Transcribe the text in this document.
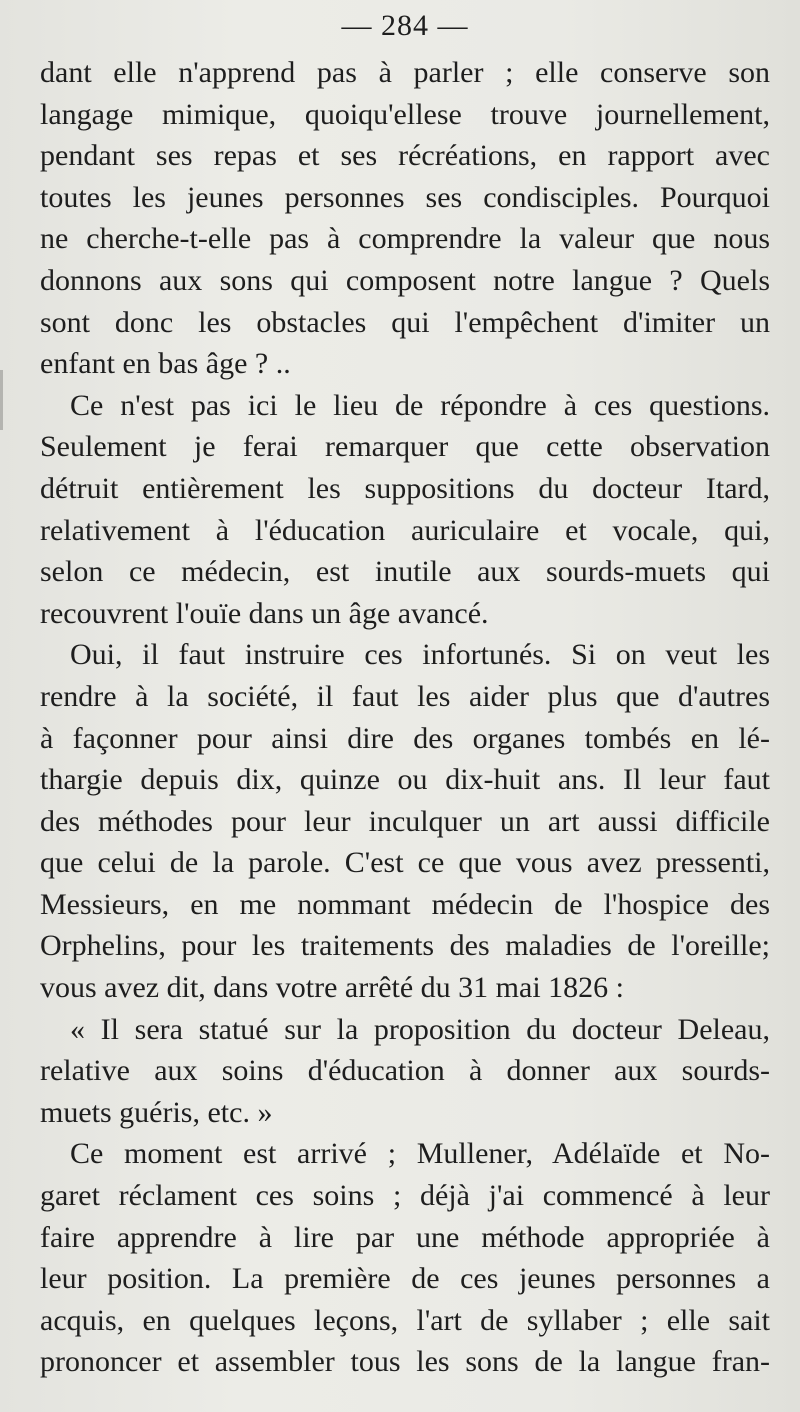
— 284 —
dant elle n'apprend pas à parler ; elle conserve son
langage mimique, quoiqu'ellese trouve journellement,
pendant ses repas et ses récréations, en rapport avec
toutes les jeunes personnes ses condisciples. Pourquoi
ne cherche-t-elle pas à comprendre la valeur que nous
donnons aux sons qui composent notre langue ? Quels
sont donc les obstacles qui l'empêchent d'imiter un
enfant en bas âge ? ..
Ce n'est pas ici le lieu de répondre à ces questions.
Seulement je ferai remarquer que cette observation
détruit entièrement les suppositions du docteur Itard,
relativement à l'éducation auriculaire et vocale, qui,
selon ce médecin, est inutile aux sourds-muets qui
recouvrent l'ouïe dans un âge avancé.
Oui, il faut instruire ces infortunés. Si on veut les
rendre à la société, il faut les aider plus que d'autres
à façonner pour ainsi dire des organes tombés en lé-
thargie depuis dix, quinze ou dix-huit ans. Il leur faut
des méthodes pour leur inculquer un art aussi difficile
que celui de la parole. C'est ce que vous avez pressenti,
Messieurs, en me nommant médecin de l'hospice des
Orphelins, pour les traitements des maladies de l'oreille;
vous avez dit, dans votre arrêté du 31 mai 1826 :
« Il sera statué sur la proposition du docteur Deleau,
relative aux soins d'éducation à donner aux sourds-
muets guéris, etc. »
Ce moment est arrivé ; Mullener, Adélaïde et No-
garet réclament ces soins ; déjà j'ai commencé à leur
faire apprendre à lire par une méthode appropriée à
leur position. La première de ces jeunes personnes a
acquis, en quelques leçons, l'art de syllaber ; elle sait
prononcer et assembler tous les sons de la langue fran-
